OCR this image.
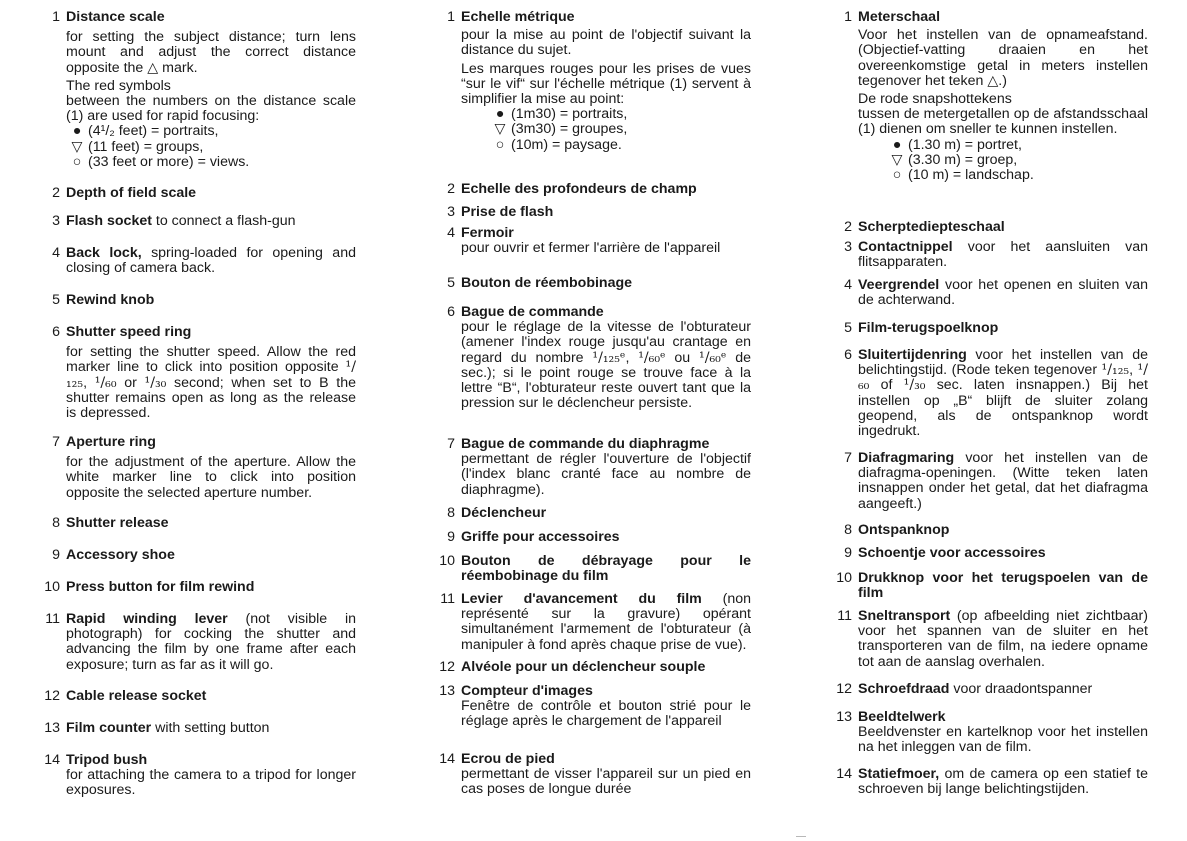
1 Distance scale

for setting the subject distance; turn lens mount and adjust the correct distance opposite the △ mark.

The red symbols

between the numbers on the distance scale (1) are used for rapid focusing:

● (4¹/₂ feet) = portraits,
▽ (11 feet) = groups,
○ (33 feet or more) = views.
2 Depth of field scale
3 Flash socket to connect a flash-gun
4 Back lock, spring-loaded for opening and closing of camera back.
5 Rewind knob
6 Shutter speed ring

for setting the shutter speed. Allow the red marker line to click into position opposite ¹/₁₂₅, ¹/₆₀ or ¹/₃₀ second; when set to B the shutter remains open as long as the release is depressed.

7 Aperture ring

for the adjustment of the aperture. Allow the white marker line to click into position opposite the selected aperture number.

8 Shutter release
9 Accessory shoe
10 Press button for film rewind
11 Rapid winding lever (not visible in photograph) for cocking the shutter and advancing the film by one frame after each exposure; turn as far as it will go.
12 Cable release socket
13 Film counter with setting button
14 Tripod bush

for attaching the camera to a tripod for longer exposures.

1 Echelle métrique

pour la mise au point de l'objectif suivant la distance du sujet.

Les marques rouges pour les prises de vues “sur le vif“ sur l'échelle métrique (1) servent à simplifier la mise au point:

● (1m30) = portraits,
▽ (3m30) = groupes,
○ (10m) = paysage.
2 Echelle des profondeurs de champ
3 Prise de flash
4 Fermoir

pour ouvrir et fermer l'arrière de l'appareil

5 Bouton de réembobinage
6 Bague de commande

pour le réglage de la vitesse de l'obturateur (amener l'index rouge jusqu'au crantage en regard du nombre ¹/₁₂₅ᵉ, ¹/₆₀ᵉ ou ¹/₆₀ᵉ de sec.); si le point rouge se trouve face à la lettre “B“, l'obturateur reste ouvert tant que la pression sur le déclencheur persiste.

7 Bague de commande du diaphragme

permettant de régler l'ouverture de l'objectif (l'index blanc cranté face au nombre de diaphragme).

8 Déclencheur
9 Griffe pour accessoires
10 Bouton de débrayage pour le réembobinage du film
11 Levier d'avancement du film (non représenté sur la gravure) opérant simultanément l'armement de l'obturateur (à manipuler à fond après chaque prise de vue).
12 Alvéole pour un déclencheur souple
13 Compteur d'images

Fenêtre de contrôle et bouton strié pour le réglage après le chargement de l'appareil

14 Ecrou de pied

permettant de visser l'appareil sur un pied en cas poses de longue durée

1 Meterschaal

Voor het instellen van de opnameafstand. (Objectief-vatting draaien en het overeenkomstige getal in meters instellen tegenover het teken △.)

De rode snapshottekens

tussen de metergetallen op de afstandsschaal (1) dienen om sneller te kunnen instellen.

● (1.30 m) = portret,
▽ (3.30 m) = groep,
○ (10 m) = landschap.
2 Scherptediepteschaal
3 Contactnippel voor het aansluiten van flitsapparaten.
4 Veergrendel voor het openen en sluiten van de achterwand.
5 Film-terugspoelknop
6 Sluitertijdenring voor het instellen van de belichtingstijd. (Rode teken tegenover ¹/₁₂₅, ¹/₆₀ of ¹/₃₀ sec. laten insnappen.) Bij het instellen op „B“ blijft de sluiter zolang geopend, als de ontspanknop wordt ingedrukt.

7 Diafragmaring voor het instellen van de diafragma-openingen. (Witte teken laten insnappen onder het getal, dat het diafragma aangeeft.)

8 Ontspanknop
9 Schoentje voor accessoires
10 Drukknop voor het terugspoelen van de film
11 Sneltransport (op afbeelding niet zichtbaar) voor het spannen van de sluiter en het transporteren van de film, na iedere opname tot aan de aanslag overhalen.

12 Schroefdraad voor draadontspanner
13 Beeldtelwerk

Beeldvenster en kartelknop voor het instellen na het inleggen van de film.

14 Statiefmoer, om de camera op een statief te schroeven bij lange belichtingstijden.
